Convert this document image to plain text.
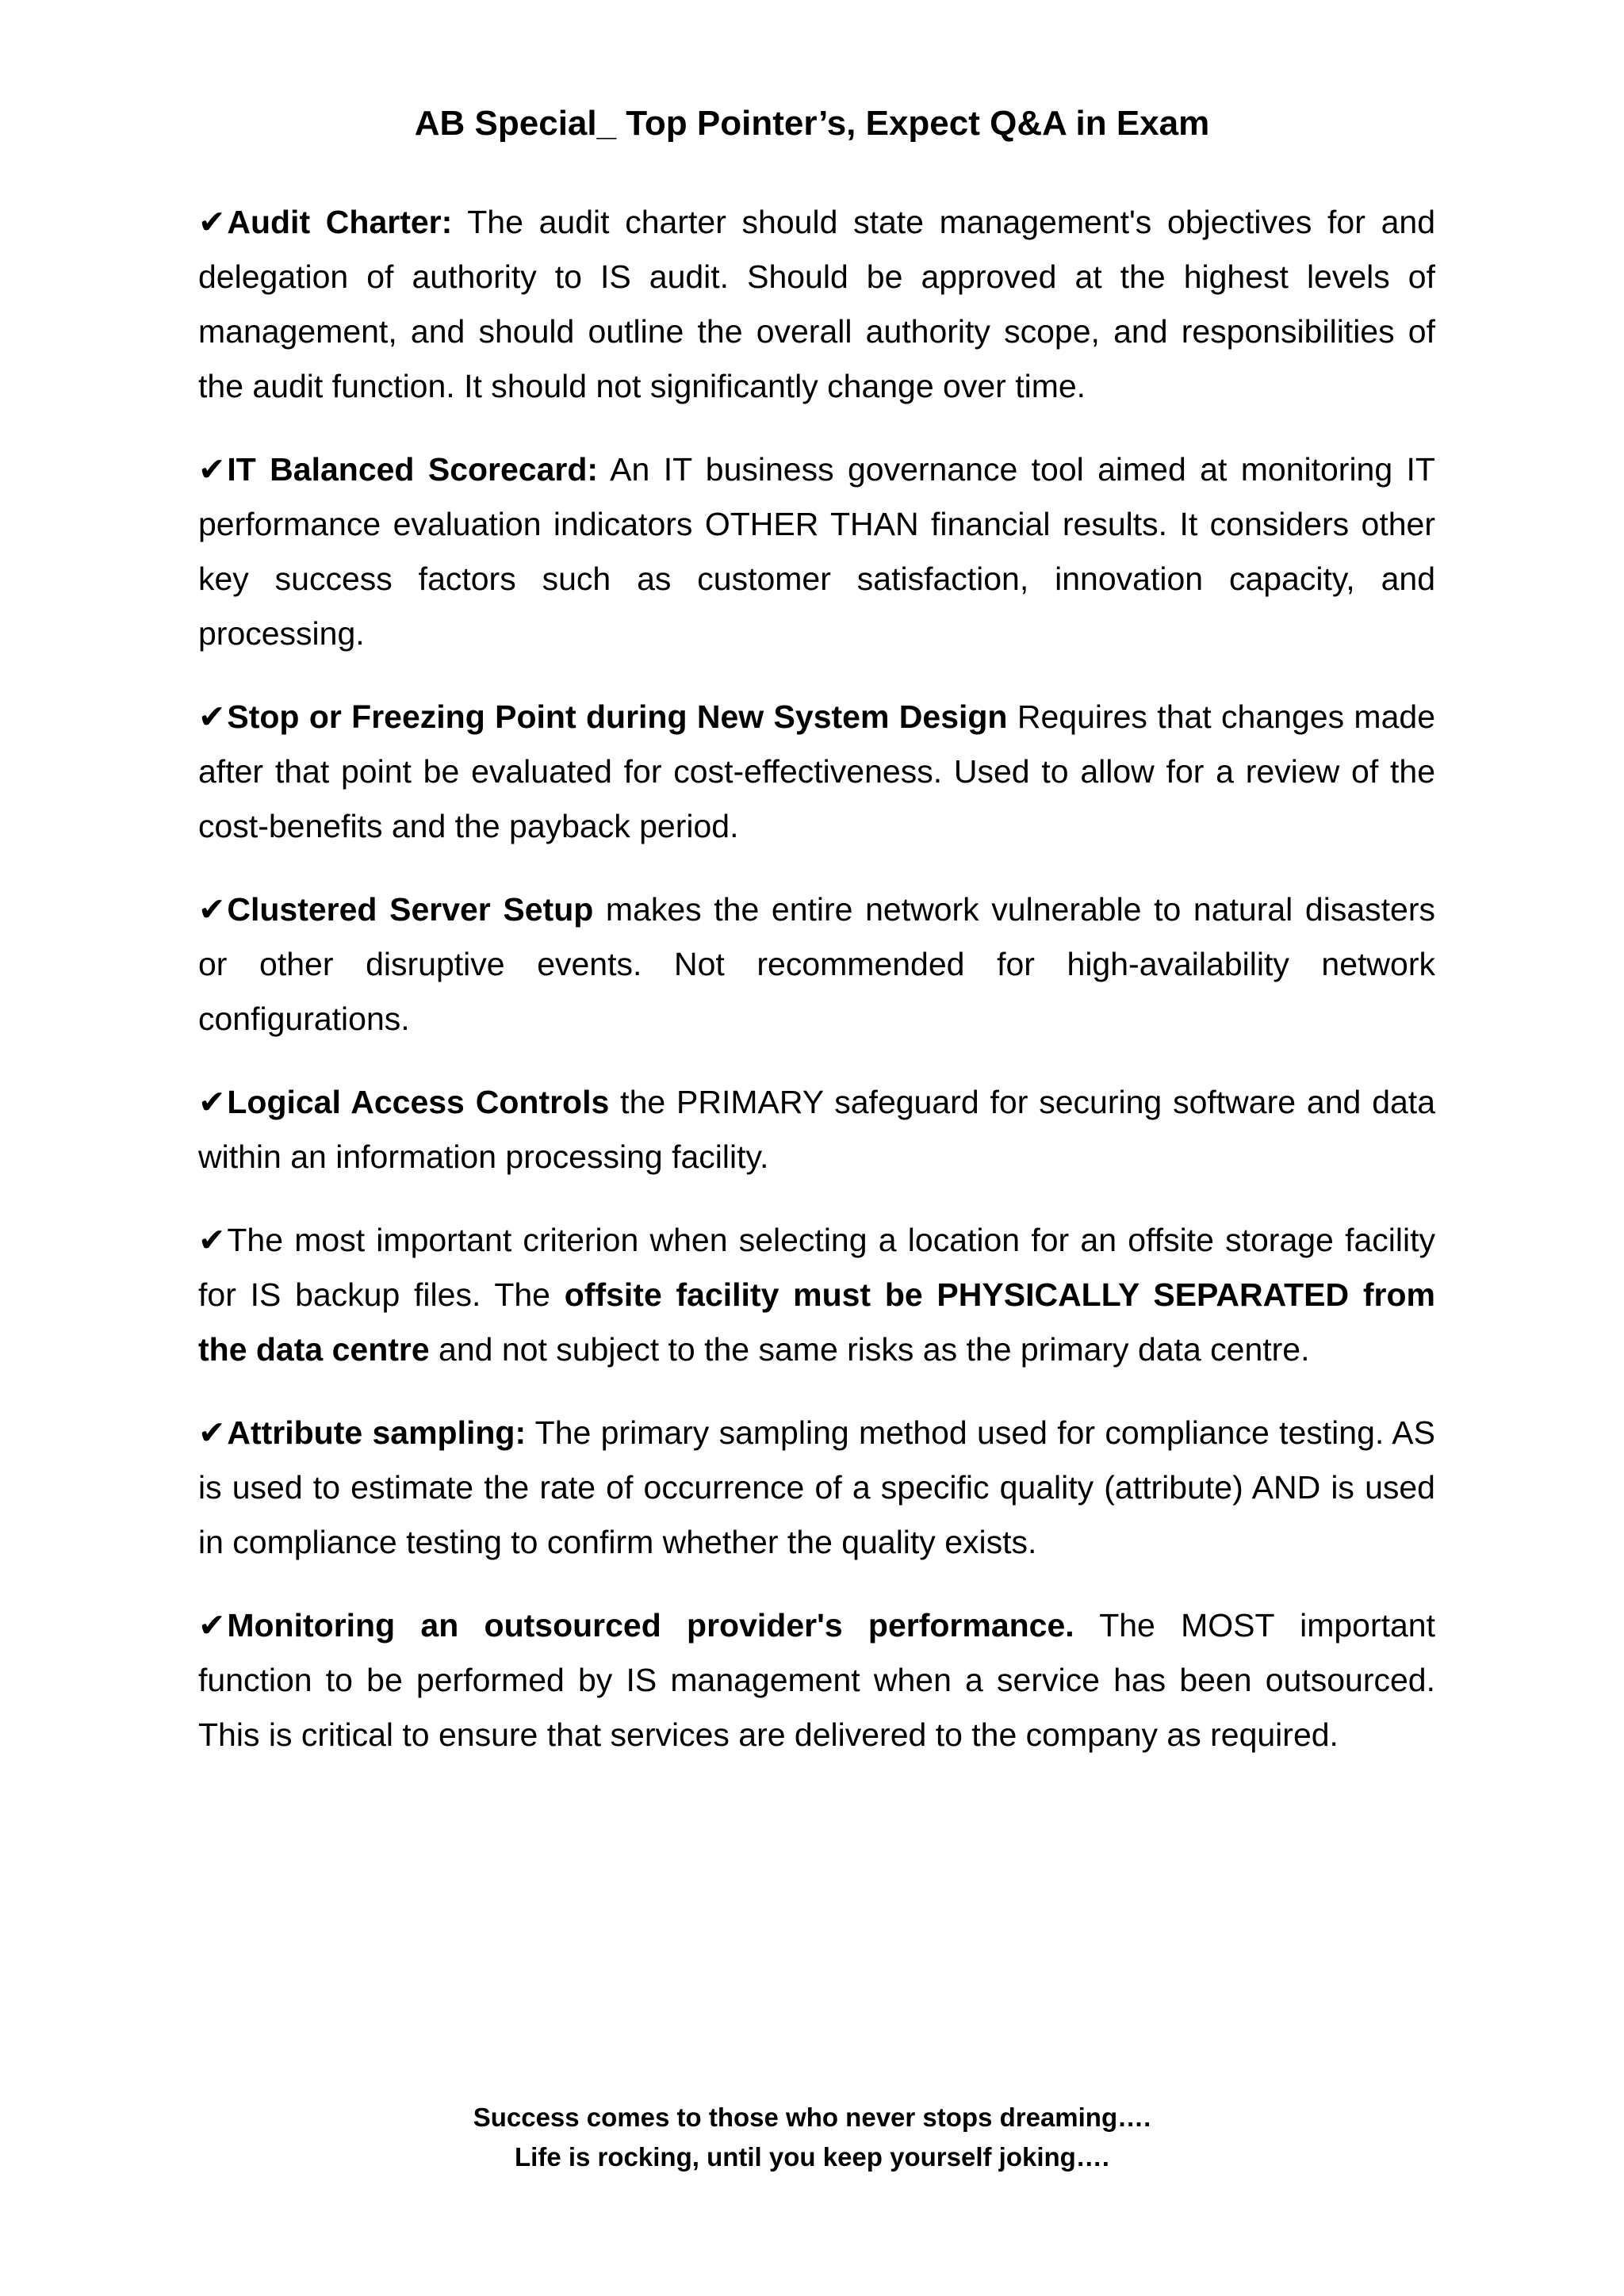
AB Special_ Top Pointer’s, Expect Q&A in Exam

✔Audit Charter: The audit charter should state management's objectives for and delegation of authority to IS audit. Should be approved at the highest levels of management, and should outline the overall authority scope, and responsibilities of the audit function. It should not significantly change over time.

✔IT Balanced Scorecard: An IT business governance tool aimed at monitoring IT performance evaluation indicators OTHER THAN financial results. It considers other key success factors such as customer satisfaction, innovation capacity, and processing.

✔Stop or Freezing Point during New System Design Requires that changes made after that point be evaluated for cost-effectiveness. Used to allow for a review of the cost-benefits and the payback period.

✔Clustered Server Setup makes the entire network vulnerable to natural disasters or other disruptive events. Not recommended for high-availability network configurations.

✔Logical Access Controls the PRIMARY safeguard for securing software and data within an information processing facility.

✔The most important criterion when selecting a location for an offsite storage facility for IS backup files. The offsite facility must be PHYSICALLY SEPARATED from the data centre and not subject to the same risks as the primary data centre.

✔Attribute sampling: The primary sampling method used for compliance testing. AS is used to estimate the rate of occurrence of a specific quality (attribute) AND is used in compliance testing to confirm whether the quality exists.

✔Monitoring an outsourced provider's performance. The MOST important function to be performed by IS management when a service has been outsourced. This is critical to ensure that services are delivered to the company as required.

Success comes to those who never stops dreaming….
Life is rocking, until you keep yourself joking….
